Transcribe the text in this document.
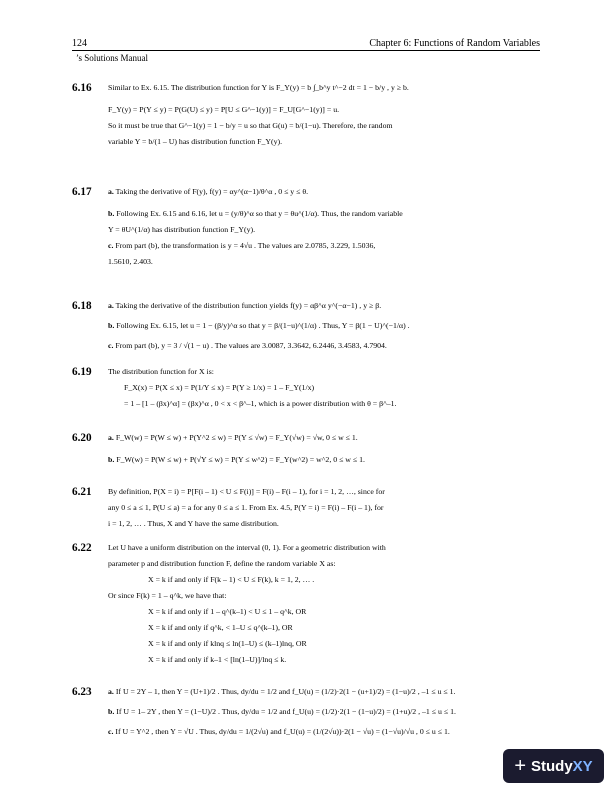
124	Chapter 6: Functions of Random Variables
’s Solutions Manual
6.16	Similar to Ex. 6.15. The distribution function for Y is F_Y(y) = b ∫_b^y t^−2 dt = 1 − b/y , y ≥ b.
F_Y(y) = P(Y ≤ y) = P(G(U) ≤ y) = P[U ≤ G^−1(y)] = F_U[G^−1(y)] = u.
So it must be true that G^−1(y) = 1 − b/y = u so that G(u) = b/(1−u). Therefore, the random
variable Y = b/(1 – U) has distribution function F_Y(y).
6.17	a. Taking the derivative of F(y), f(y) = αy^(α−1)/θ^α , 0 ≤ y ≤ θ.
b. Following Ex. 6.15 and 6.16, let u = (y/θ)^α so that y = θu^(1/α). Thus, the random variable
Y = θU^(1/α) has distribution function F_Y(y).
c. From part (b), the transformation is y = 4√u . The values are 2.0785, 3.229, 1.5036,
1.5610, 2.403.
6.18	a. Taking the derivative of the distribution function yields f(y) = αβ^α y^(−α−1) , y ≥ β.
b. Following Ex. 6.15, let u = 1 − (β/y)^α so that y = β/(1−u)^(1/α) . Thus, Y = β(1 − U)^(−1/α) .
c. From part (b), y = 3 / √(1 − u) . The values are 3.0087, 3.3642, 6.2446, 3.4583, 4.7904.
6.19	The distribution function for X is:
F_X(x) = P(X ≤ x) = P(1/Y ≤ x) = P(Y ≥ 1/x) = 1 – F_Y(1/x)
= 1 – [1 – (βx)^α] = (βx)^α , 0 < x < β^–1, which is a power distribution with θ = β^–1.
6.20	a. F_W(w) = P(W ≤ w) + P(Y^2 ≤ w) = P(Y ≤ √w) = F_Y(√w) = √w, 0 ≤ w ≤ 1.
b. F_W(w) = P(W ≤ w) + P(√Y ≤ w) = P(Y ≤ w^2) = F_Y(w^2) = w^2, 0 ≤ w ≤ 1.
6.21	By definition, P(X = i) = P[F(i – 1) < U ≤ F(i)] = F(i) – F(i – 1), for i = 1, 2, …, since for
any 0 ≤ a ≤ 1, P(U ≤ a) = a for any 0 ≤ a ≤ 1. From Ex. 4.5, P(Y = i) = F(i) – F(i – 1), for
i = 1, 2, … . Thus, X and Y have the same distribution.
6.22	Let U have a uniform distribution on the interval (0, 1). For a geometric distribution with
parameter p and distribution function F, define the random variable X as:
X = k if and only if F(k – 1) < U ≤ F(k), k = 1, 2, … .
Or since F(k) = 1 – q^k, we have that:
X = k if and only if 1 – q^(k–1) < U ≤ 1 – q^k, OR
X = k if and only if q^k, < 1–U ≤ q^(k–1), OR
X = k if and only if klnq ≤ ln(1–U) ≤ (k–1)lnq, OR
X = k if and only if k–1 < [ln(1–U)]/lnq ≤ k.
6.23	a. If U = 2Y – 1, then Y = (U+1)/2 . Thus, dy/du = 1/2 and f_U(u) = (1/2)·2(1 − (u+1)/2) = (1−u)/2 , –1 ≤ u ≤ 1.
b. If U = 1– 2Y , then Y = (1−U)/2 . Thus, dy/du = 1/2 and f_U(u) = (1/2)·2(1 − (1−u)/2) = (1+u)/2 , –1 ≤ u ≤ 1.
c. If U = Y^2 , then Y = √U . Thus, dy/du = 1/(2√u) and f_U(u) = (1/(2√u))·2(1 − √u) = (1−√u)/√u , 0 ≤ u ≤ 1.
+ Study XY
